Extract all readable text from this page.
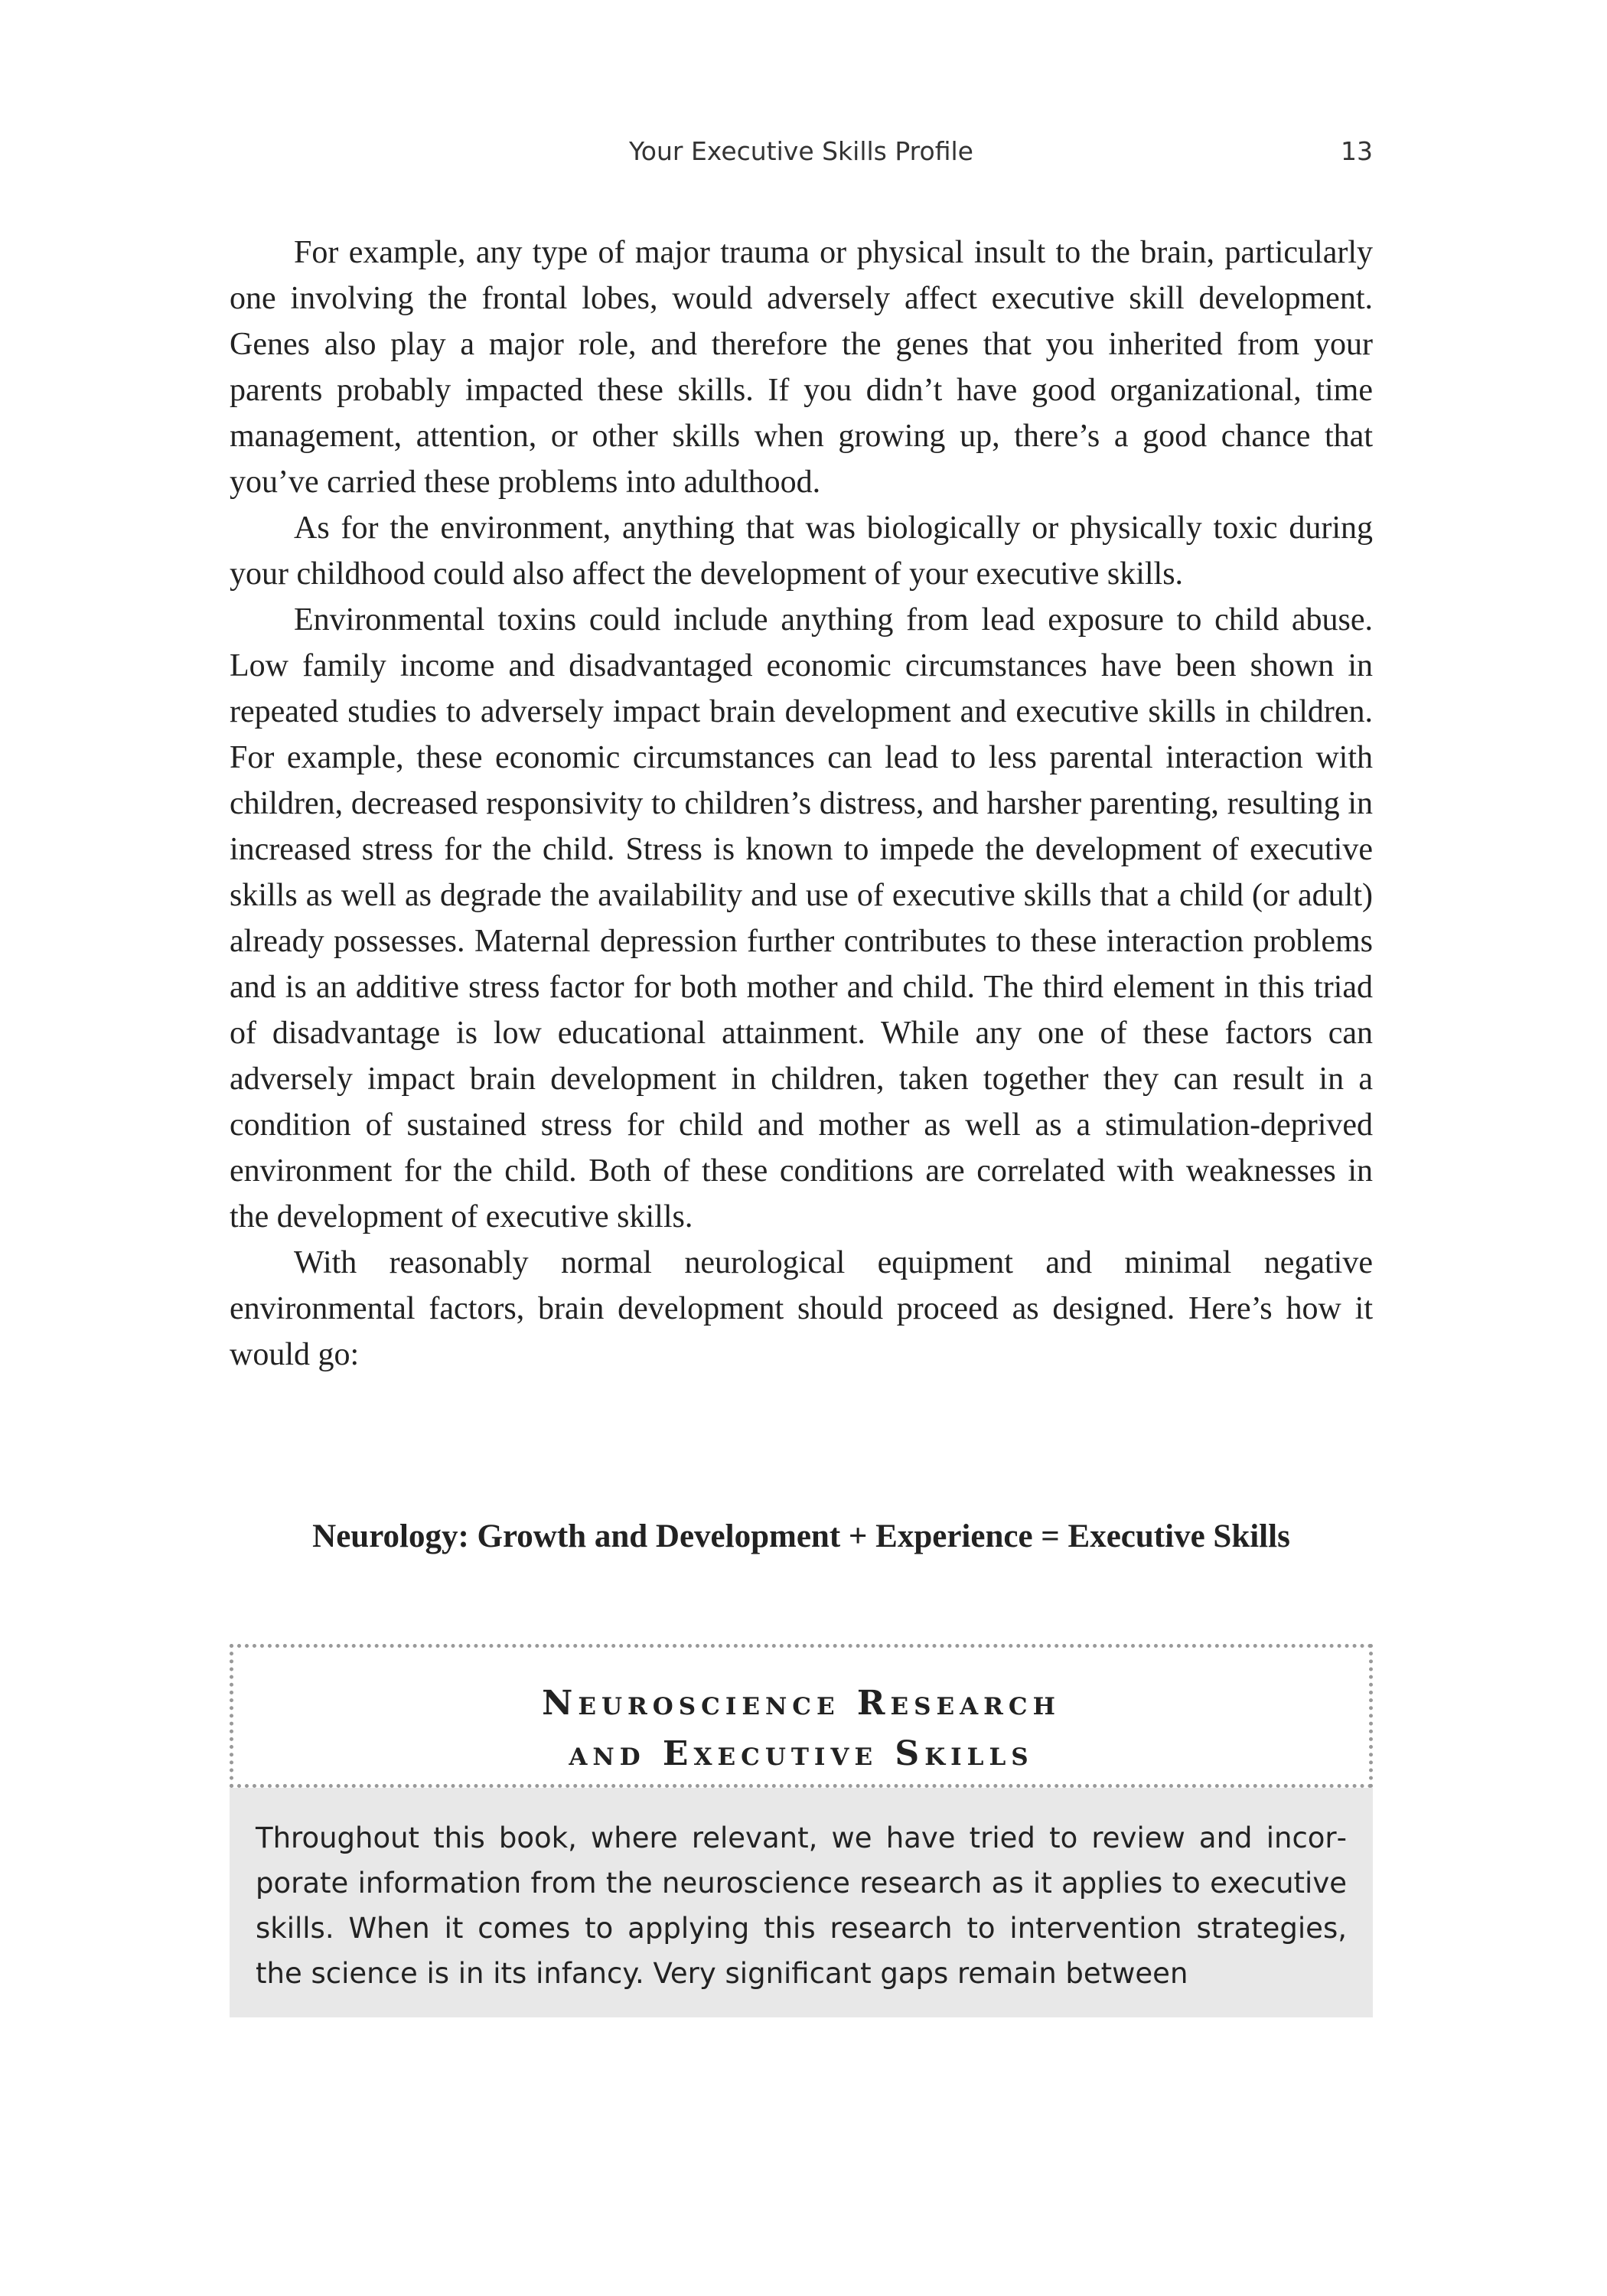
Your Executive Skills Profile	13

For example, any type of major trauma or physical insult to the brain, particularly one involving the frontal lobes, would adversely affect executive skill development. Genes also play a major role, and therefore the genes that you inherited from your parents probably impacted these skills. If you didn’t have good organizational, time management, attention, or other skills when growing up, there’s a good chance that you’ve carried these problems into adulthood.

As for the environment, anything that was biologically or physically toxic during your childhood could also affect the development of your executive skills.

Environmental toxins could include anything from lead exposure to child abuse. Low family income and disadvantaged economic circumstances have been shown in repeated studies to adversely impact brain development and executive skills in children. For example, these economic circumstances can lead to less parental interaction with children, decreased responsivity to children’s distress, and harsher parenting, resulting in increased stress for the child. Stress is known to impede the development of executive skills as well as degrade the availability and use of executive skills that a child (or adult) already possesses. Maternal depression further contributes to these interaction problems and is an additive stress factor for both mother and child. The third element in this triad of disadvantage is low educational attainment. While any one of these factors can adversely impact brain development in children, taken together they can result in a condition of sustained stress for child and mother as well as a stimulation-deprived environment for the child. Both of these conditions are correlated with weaknesses in the development of executive skills.

With reasonably normal neurological equipment and minimal negative environmental factors, brain development should proceed as designed. Here’s how it would go:

Neurology: Growth and Development + Experience = Executive Skills
Neuroscience Research
and Executive Skills

Throughout this book, where relevant, we have tried to review and incorporate information from the neuroscience research as it applies to executive skills. When it comes to applying this research to intervention strategies, the science is in its infancy. Very significant gaps remain between
